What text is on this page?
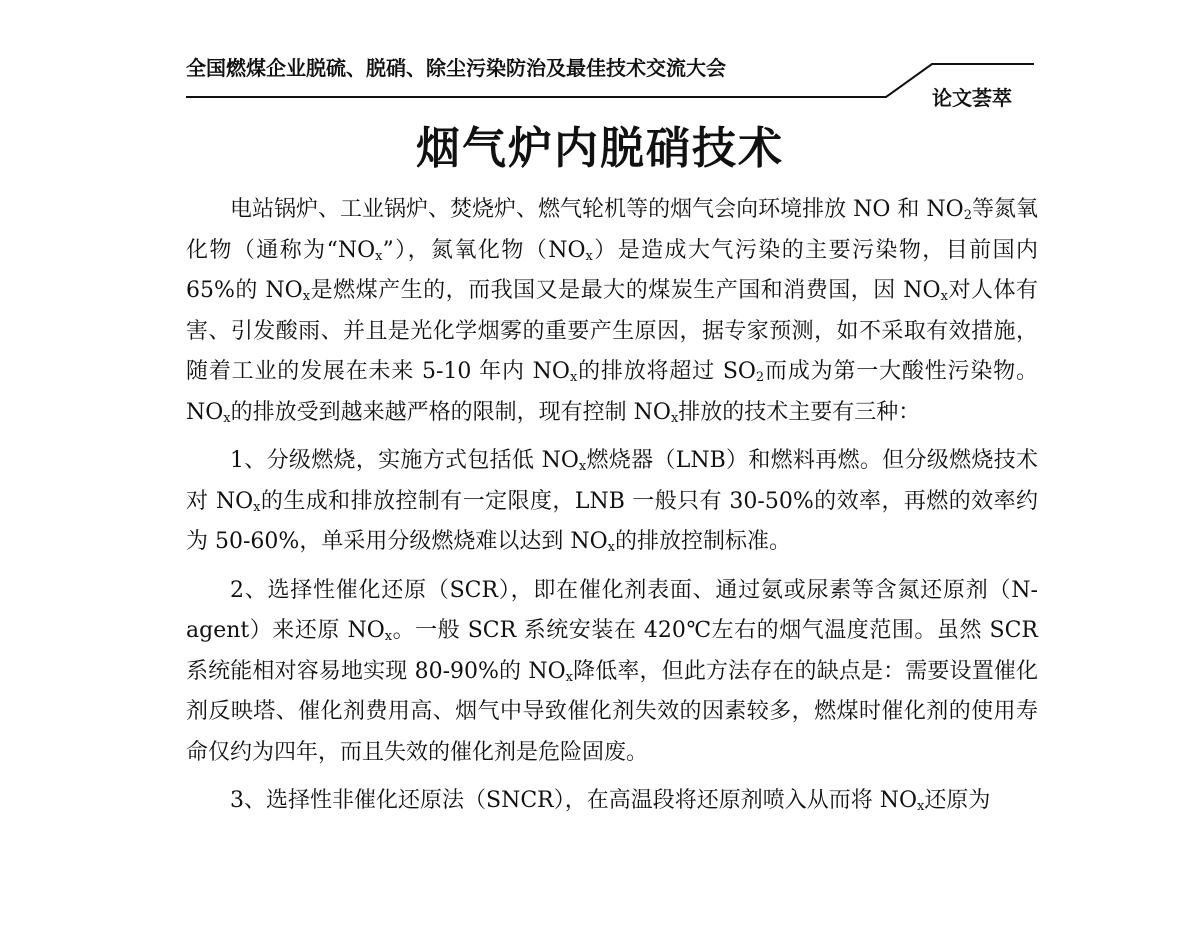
全国燃煤企业脱硫、脱硝、除尘污染防治及最佳技术交流大会
论文荟萃
烟气炉内脱硝技术

电站锅炉、工业锅炉、焚烧炉、燃气轮机等的烟气会向环境排放 NO 和 $NO_2$等氮氧化物（通称为“$NO_x$”），氮氧化物$(NO_x)$是造成大气污染的主要污染物，目前国内 65%的 $NO_x$是燃煤产生的，而我国又是最大的煤炭生产国和消费国，因 $NO_x$对人体有害、引发酸雨、并且是光化学烟雾的重要产生原因，据专家预测，如不采取有效措施，随着工业的发展在未来 5-10 年内 $NO_x$的排放将超过 $SO_2$而成为第一大酸性污染物。$NO_x$的排放受到越来越严格的限制，现有控制 $NO_x$排放的技术主要有三种：

1、分级燃烧，实施方式包括低 $NO_x$燃烧器（LNB）和燃料再燃。但分级燃烧技术对 $NO_x$的生成和排放控制有一定限度，LNB 一般只有 30-50%的效率，再燃的效率约为 50-60%，单采用分级燃烧难以达到 $NO_x$的排放控制标准。

2、选择性催化还原（SCR），即在催化剂表面、通过氨或尿素等含氮还原剂（N-agent）来还原 $NO_x$。一般 SCR 系统安装在 420℃左右的烟气温度范围。虽然 SCR 系统能相对容易地实现 80-90%的 $NO_x$降低率，但此方法存在的缺点是：需要设置催化剂反映塔、催化剂费用高、烟气中导致催化剂失效的因素较多，燃煤时催化剂的使用寿命仅约为四年，而且失效的催化剂是危险固废。

3、选择性非催化还原法（SNCR），在高温段将还原剂喷入从而将 $NO_x$还原为
